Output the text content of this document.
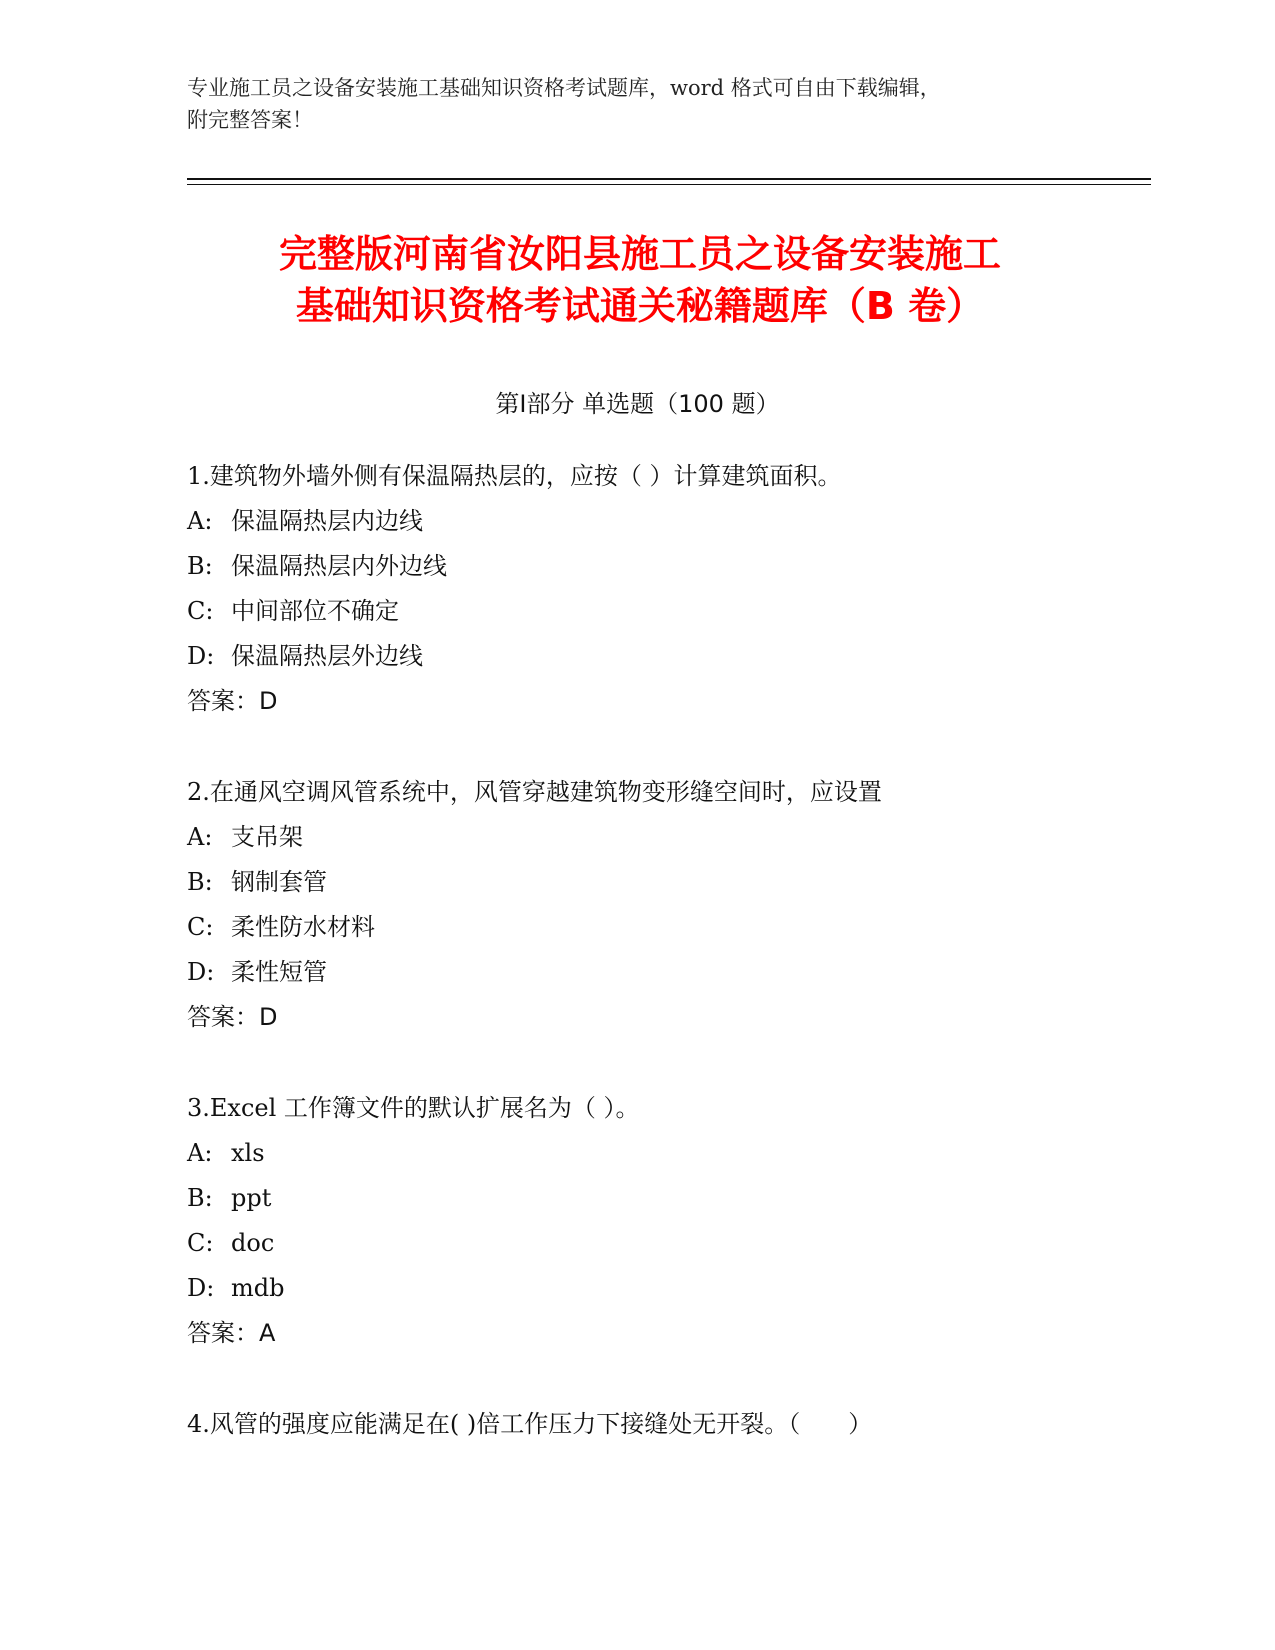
专业施工员之设备安装施工基础知识资格考试题库，word 格式可自由下载编辑，
附完整答案！
完整版河南省汝阳县施工员之设备安装施工
基础知识资格考试通关秘籍题库（B 卷）
第Ⅰ部分 单选题（100 题）
1.建筑物外墙外侧有保温隔热层的，应按（ ）计算建筑面积。
A: 保温隔热层内边线
B: 保温隔热层内外边线
C: 中间部位不确定
D: 保温隔热层外边线
答案：D
2.在通风空调风管系统中，风管穿越建筑物变形缝空间时，应设置
A: 支吊架
B: 钢制套管
C: 柔性防水材料
D: 柔性短管
答案：D
3.Excel 工作簿文件的默认扩展名为（ ）。
A: xls
B: ppt
C: doc
D: mdb
答案：A
4.风管的强度应能满足在( )倍工作压力下接缝处无开裂。（　　）
